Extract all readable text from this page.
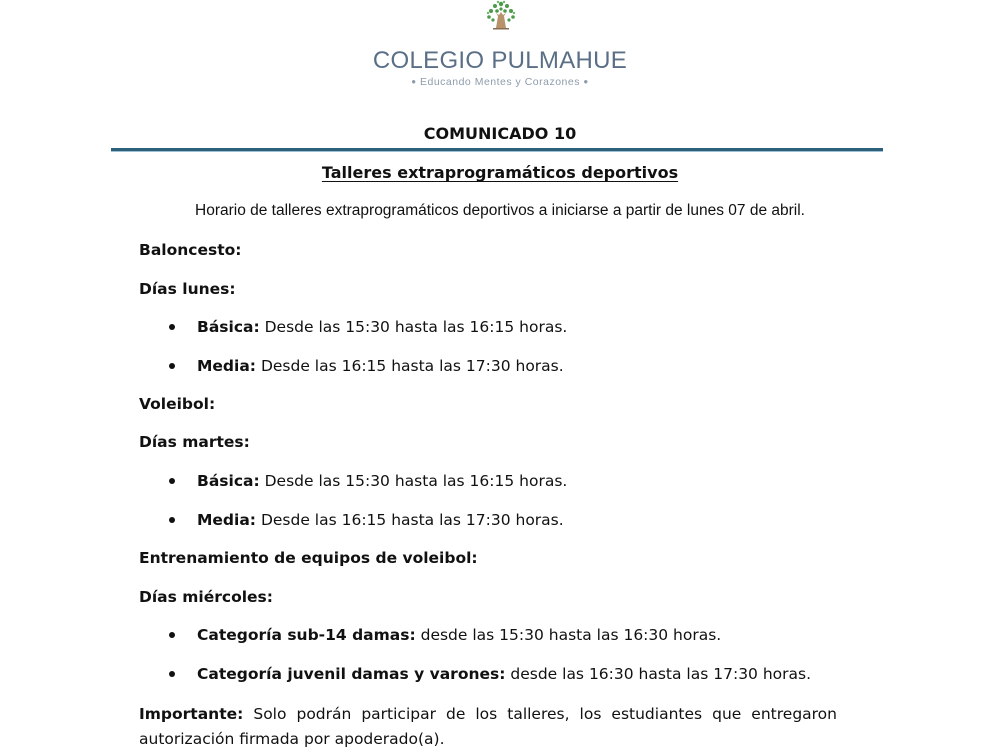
COLEGIO PULMAHUE
● Educando Mentes y Corazones ●
COMUNICADO 10
Talleres extraprogramáticos deportivos
Horario de talleres extraprogramáticos deportivos a iniciarse a partir de lunes 07 de abril.
Baloncesto:
Días lunes:
Básica: Desde las 15:30 hasta las 16:15 horas.
Media: Desde las 16:15 hasta las 17:30 horas.
Voleibol:
Días martes:
Básica: Desde las 15:30 hasta las 16:15 horas.
Media: Desde las 16:15 hasta las 17:30 horas.
Entrenamiento de equipos de voleibol:
Días miércoles:
Categoría sub-14 damas: desde las 15:30 hasta las 16:30 horas.
Categoría juvenil damas y varones: desde las 16:30 hasta las 17:30 horas.
Importante: Solo podrán participar de los talleres, los estudiantes que entregaron autorización firmada por apoderado(a).
